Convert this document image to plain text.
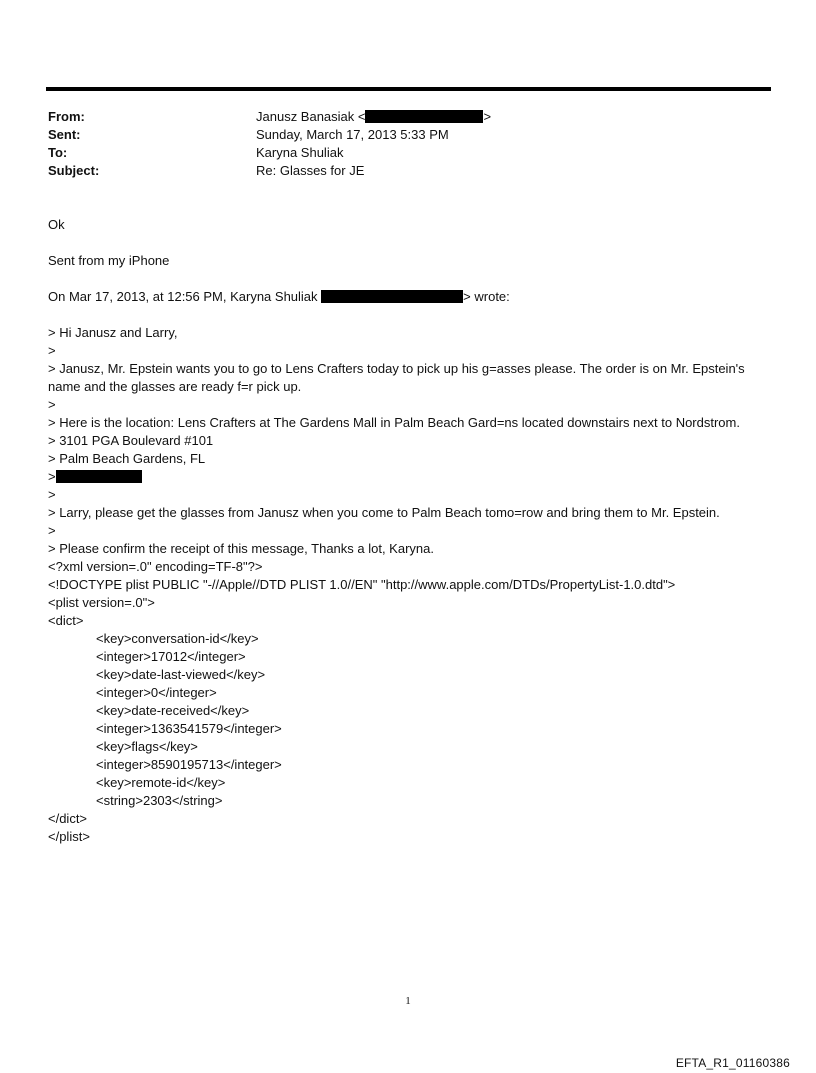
From:	Janusz Banasiak <	>
Sent:	Sunday, March 17, 2013 5:33 PM
To:	Karyna Shuliak
Subject:	Re: Glasses for JE
Ok
Sent from my iPhone
On Mar 17, 2013, at 12:56 PM, Karyna Shuliak	> wrote:
> Hi Janusz and Larry,
>
> Janusz, Mr. Epstein wants you to go to Lens Crafters today to pick up his g=asses please. The order is on Mr. Epstein's name and the glasses are ready f=r pick up.
>
> Here is the location: Lens Crafters at The Gardens Mall in Palm Beach Gard=ns located downstairs next to Nordstrom.
> 3101 PGA Boulevard #101
> Palm Beach Gardens, FL
>
>
> Larry, please get the glasses from Janusz when you come to Palm Beach tomo=row and bring them to Mr. Epstein.
>
> Please confirm the receipt of this message, Thanks a lot, Karyna.
<?xml version=.0" encoding=TF-8"?>
<!DOCTYPE plist PUBLIC "-//Apple//DTD PLIST 1.0//EN" "http://www.apple.com/DTDs/PropertyList-1.0.dtd">
<plist version=.0">
<dict>
<key>conversation-id</key>
<integer>17012</integer>
<key>date-last-viewed</key>
<integer>0</integer>
<key>date-received</key>
<integer>1363541579</integer>
<key>flags</key>
<integer>8590195713</integer>
<key>remote-id</key>
<string>2303</string>
</dict>
</plist>
1
EFTA_R1_01160386
